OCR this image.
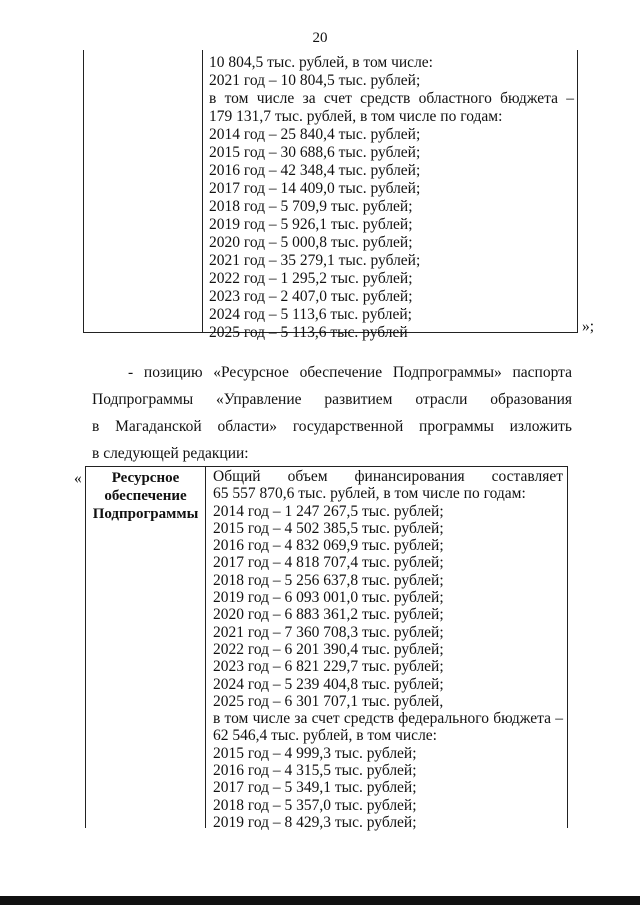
20
10 804,5 тыс. рублей, в том числе:
2021 год – 10 804,5 тыс. рублей;
в том числе за счет средств областного бюджета –
179 131,7 тыс. рублей, в том числе по годам:
2014 год – 25 840,4 тыс. рублей;
2015 год – 30 688,6 тыс. рублей;
2016 год – 42 348,4 тыс. рублей;
2017 год – 14 409,0 тыс. рублей;
2018 год – 5 709,9 тыс. рублей;
2019 год – 5 926,1 тыс. рублей;
2020 год – 5 000,8 тыс. рублей;
2021 год – 35 279,1 тыс. рублей;
2022 год – 1 295,2 тыс. рублей;
2023 год – 2 407,0 тыс. рублей;
2024 год – 5 113,6 тыс. рублей;
2025 год – 5 113,6 тыс. рублей	»;
- позицию «Ресурсное обеспечение Подпрограммы» паспорта
Подпрограммы «Управление развитием отрасли образования
в Магаданской области» государственной программы изложить
в следующей редакции:
«	Ресурсное
обеспечение
Подпрограммы
Общий объем финансирования составляет
65 557 870,6 тыс. рублей, в том числе по годам:
2014 год – 1 247 267,5 тыс. рублей;
2015 год – 4 502 385,5 тыс. рублей;
2016 год – 4 832 069,9 тыс. рублей;
2017 год – 4 818 707,4 тыс. рублей;
2018 год – 5 256 637,8 тыс. рублей;
2019 год – 6 093 001,0 тыс. рублей;
2020 год – 6 883 361,2 тыс. рублей;
2021 год – 7 360 708,3 тыс. рублей;
2022 год – 6 201 390,4 тыс. рублей;
2023 год – 6 821 229,7 тыс. рублей;
2024 год – 5 239 404,8 тыс. рублей;
2025 год – 6 301 707,1 тыс. рублей,
в том числе за счет средств федерального бюджета –
62 546,4 тыс. рублей, в том числе:
2015 год – 4 999,3 тыс. рублей;
2016 год – 4 315,5 тыс. рублей;
2017 год – 5 349,1 тыс. рублей;
2018 год – 5 357,0 тыс. рублей;
2019 год – 8 429,3 тыс. рублей;
